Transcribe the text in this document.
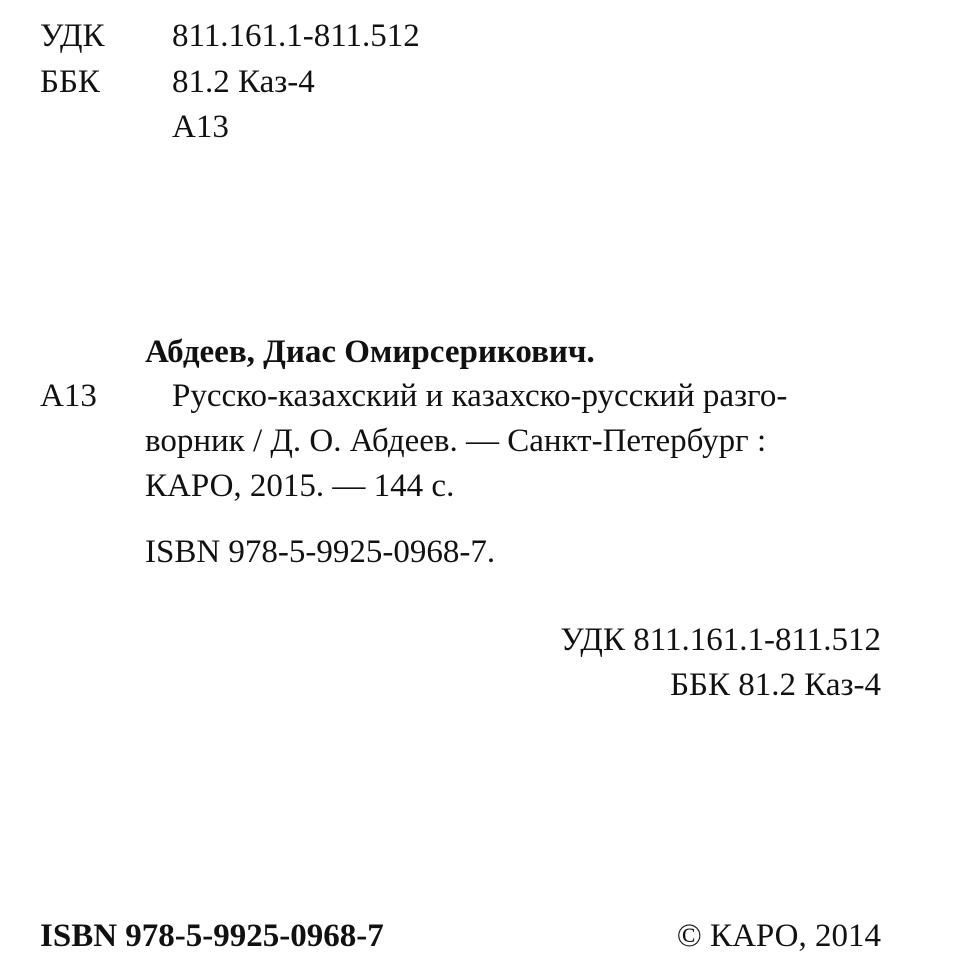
УДК 811.161.1-811.512
ББК 81.2 Каз-4
А13
Абдеев, Диас Омирсерикович.
А13 Русско-казахский и казахско-русский разго-
ворник / Д. О. Абдеев. — Санкт-Петербург :
КАРО, 2015. — 144 с.
ISBN 978-5-9925-0968-7.
УДК 811.161.1-811.512
ББК 81.2 Каз-4
ISBN 978-5-9925-0968-7	© КАРО, 2014
